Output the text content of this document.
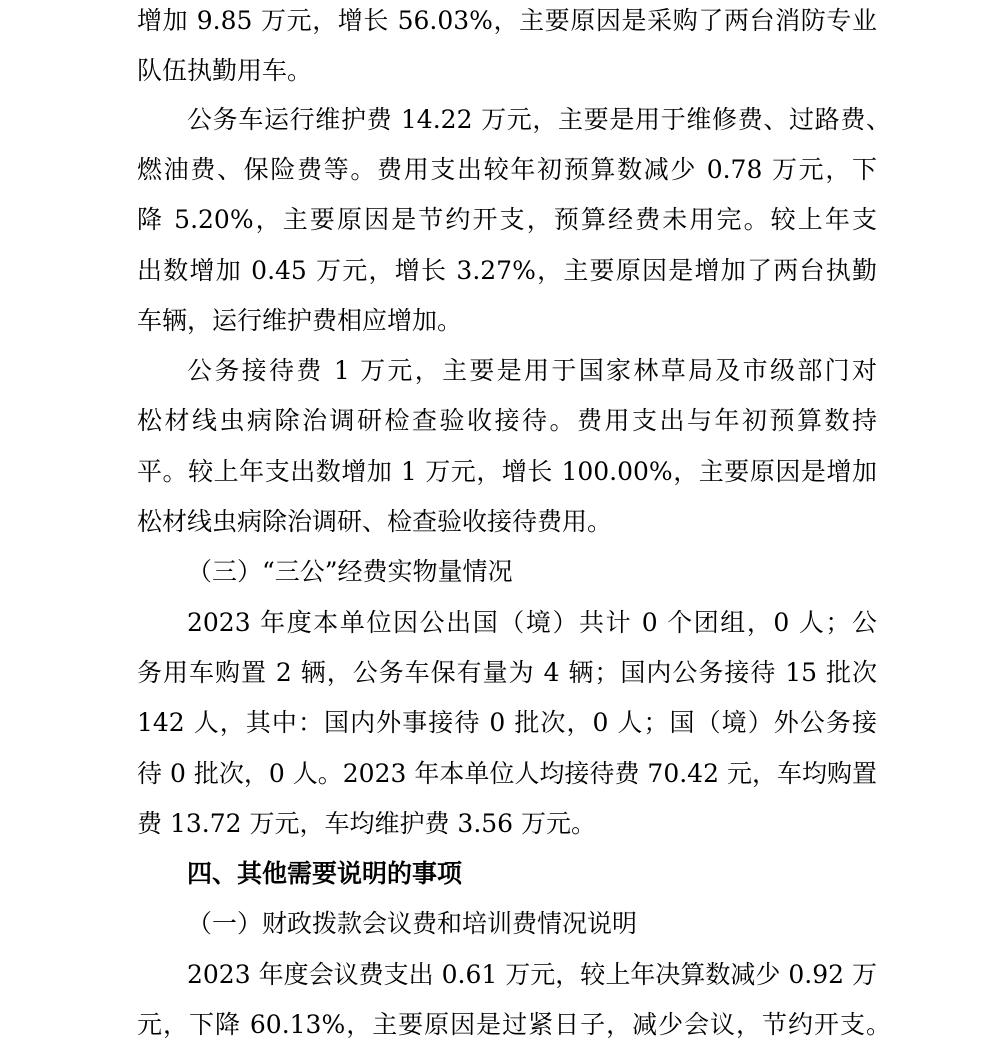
增加 9.85 万元，增长 56.03%，主要原因是采购了两台消防专业
队伍执勤用车。
公务车运行维护费 14.22 万元，主要是用于维修费、过路费、
燃油费、保险费等。费用支出较年初预算数减少 0.78 万元，下
降 5.20%，主要原因是节约开支，预算经费未用完。较上年支
出数增加 0.45 万元，增长 3.27%，主要原因是增加了两台执勤
车辆，运行维护费相应增加。
公务接待费 1 万元，主要是用于国家林草局及市级部门对
松材线虫病除治调研检查验收接待。费用支出与年初预算数持
平。较上年支出数增加 1 万元，增长 100.00%，主要原因是增加
松材线虫病除治调研、检查验收接待费用。
（三）“三公”经费实物量情况
2023 年度本单位因公出国（境）共计 0 个团组，0 人；公
务用车购置 2 辆，公务车保有量为 4 辆；国内公务接待 15 批次
142 人，其中：国内外事接待 0 批次，0 人；国（境）外公务接
待 0 批次，0 人。2023 年本单位人均接待费 70.42 元，车均购置
费 13.72 万元，车均维护费 3.56 万元。
四、其他需要说明的事项
（一）财政拨款会议费和培训费情况说明
2023 年度会议费支出 0.61 万元，较上年决算数减少 0.92 万
元，下降 60.13%，主要原因是过紧日子，减少会议，节约开支。
